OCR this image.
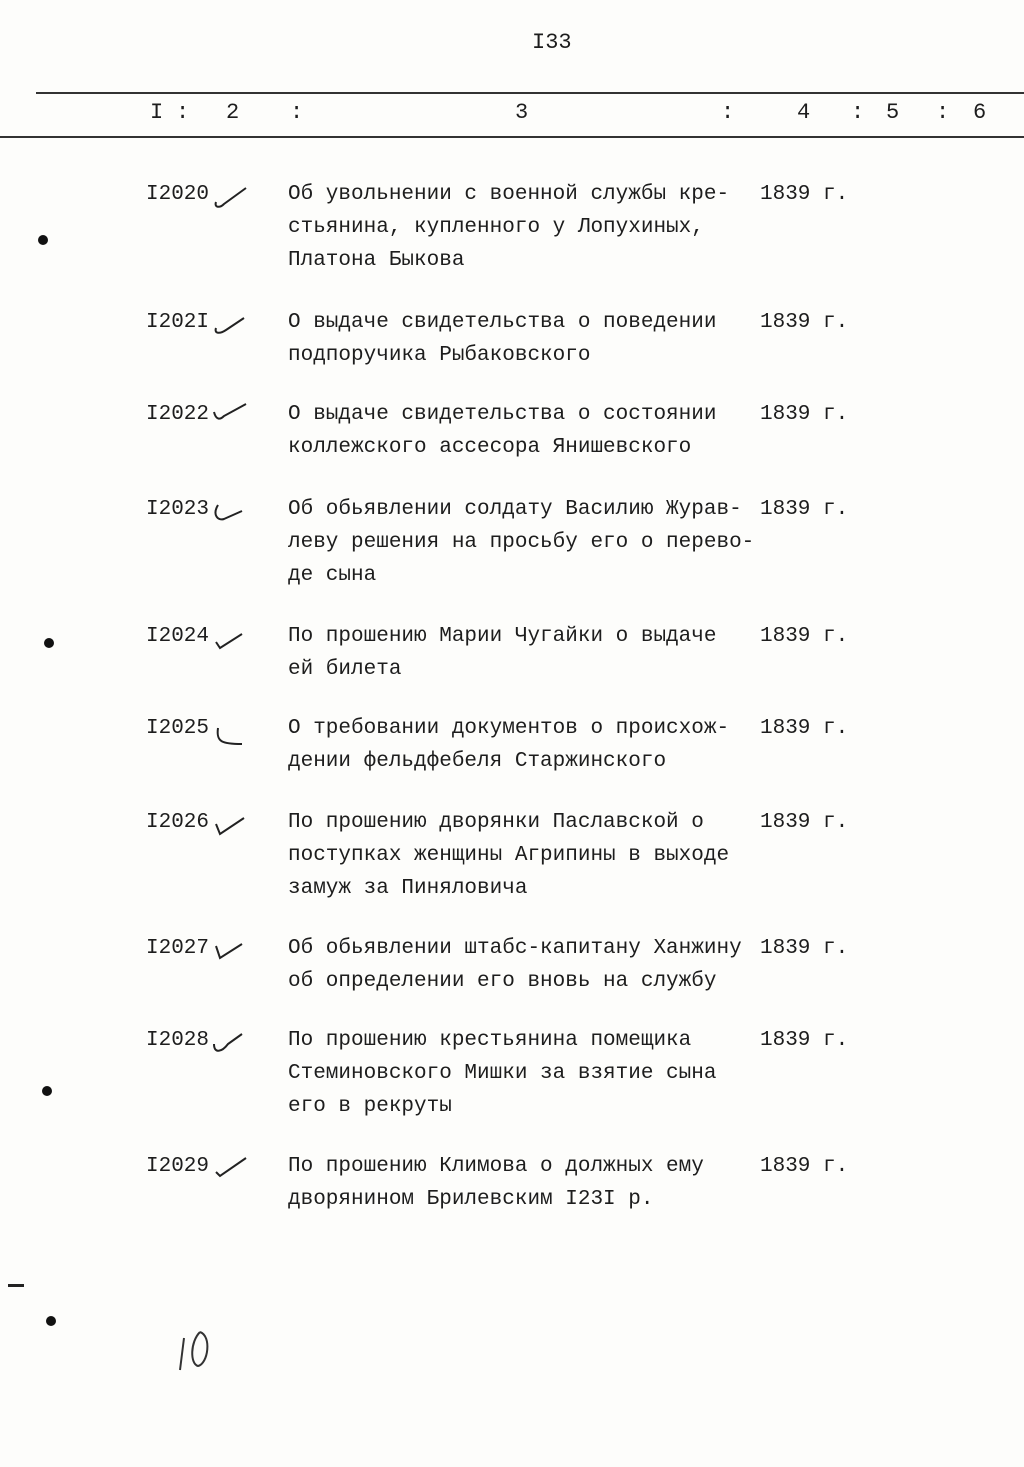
I33
I : 2 :	3	:	4 : 5 : 6
I2020	Об увольнении с военной службы кре-
стьянина, купленного у Лопухиных,
Платона Быкова
1839 г.
I202I	О выдаче свидетельства о поведении
подпоручика Рыбаковского
1839 г.
I2022	О выдаче свидетельства о состоянии
коллежского ассесора Янишевского
1839 г.
I2023	Об обьявлении солдату Василию Журав-
леву решения на просьбу его о перево-
де сына
1839 г.
I2024	По прошению Марии Чугайки о выдаче
ей билета
1839 г.
I2025	О требовании документов о происхож-
дении фельдфебеля Старжинского
1839 г.
I2026	По прошению дворянки Паславской о
поступках женщины Агрипины в выходе
замуж за Пиняловича
1839 г.
I2027	Об обьявлении штабс-капитану Ханжину
об определении его вновь на службу
1839 г.
I2028	По прошению крестьянина помещика
Стеминовского Мишки за взятие сына
его в рекруты
1839 г.
I2029	По прошению Климова о должных ему
дворянином Брилевским I23I р.
1839 г.
